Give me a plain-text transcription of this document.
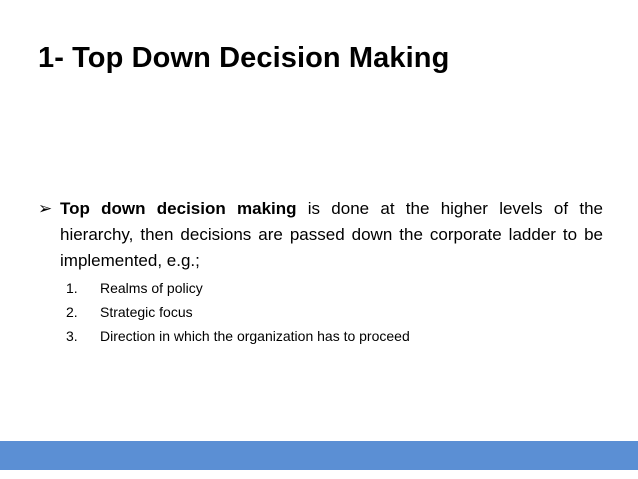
1- Top Down Decision Making
➢ Top down decision making is done at the higher levels of the hierarchy, then decisions are passed down the corporate ladder to be implemented, e.g.;
1.	Realms of policy
2.	Strategic focus
3.	Direction in which the organization has to proceed
